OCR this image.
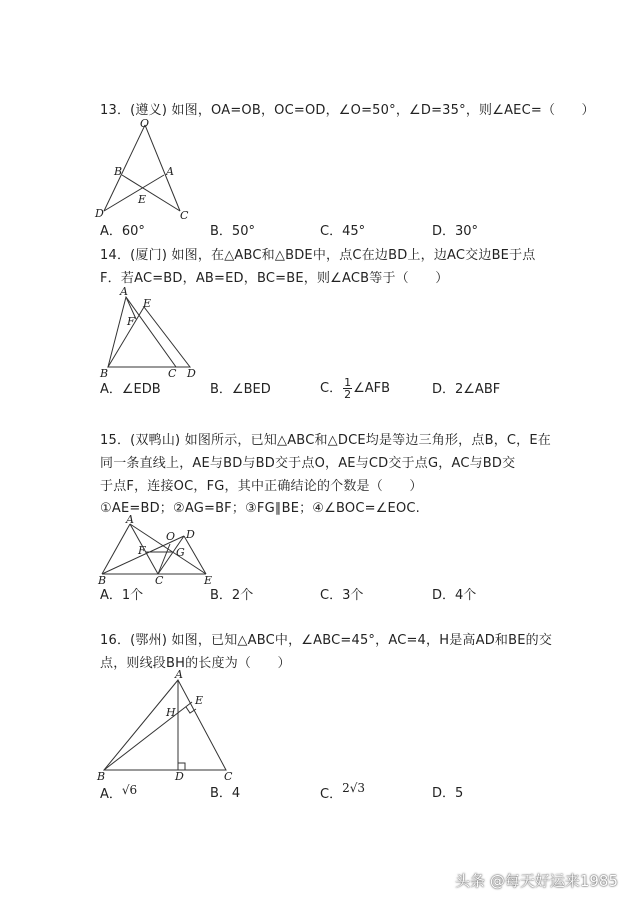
13．(遵义) 如图，OA=OB，OC=OD，∠O=50°，∠D=35°，则∠AEC=（　　）
O
B	A
E
D	C
A．60°	B．50°	C．45°	D．30°
14．(厦门) 如图，在△ABC和△BDE中，点C在边BD上，边AC交边BE于点
F．若AC=BD，AB=ED，BC=BE，则∠ACB等于（　　）
A
E
F
B	C D
A．∠EDB	B．∠BED	C． $\frac{1}{2}$ ∠AFB	D．2∠ABF
15．(双鸭山) 如图所示，已知△ABC和△DCE均是等边三角形，点B，C，E在
同一条直线上，AE与BD与BD交于点O，AE与CD交于点G，AC与BD交
于点F，连接OC，FG，其中正确结论的个数是（　　）
①AE=BD；②AG=BF；③FG∥BE；④∠BOC=∠EOC.
A
O D
F	G
B	C	E
A．1个	B．2个	C．3个	D．4个
16．(鄂州) 如图，已知△ABC中，∠ABC=45°，AC=4，H是高AD和BE的交
点，则线段BH的长度为（　　）
A
E
H
B	D	C
A．√6	B．4	C．2√3	D．5
头条 @每天好运来1985
